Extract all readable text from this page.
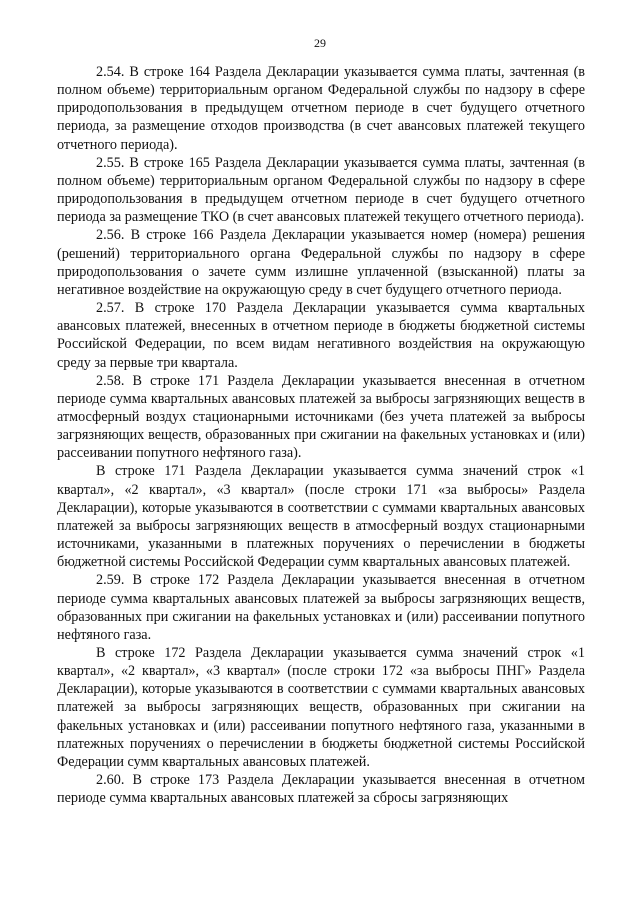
29

2.54. В строке 164 Раздела Декларации указывается сумма платы, зачтенная (в полном объеме) территориальным органом Федеральной службы по надзору в сфере природопользования в предыдущем отчетном периоде в счет будущего отчетного периода, за размещение отходов производства (в счет авансовых платежей текущего отчетного периода).

2.55. В строке 165 Раздела Декларации указывается сумма платы, зачтенная (в полном объеме) территориальным органом Федеральной службы по надзору в сфере природопользования в предыдущем отчетном периоде в счет будущего отчетного периода за размещение ТКО (в счет авансовых платежей текущего отчетного периода).

2.56. В строке 166 Раздела Декларации указывается номер (номера) решения (решений) территориального органа Федеральной службы по надзору в сфере природопользования о зачете сумм излишне уплаченной (взысканной) платы за негативное воздействие на окружающую среду в счет будущего отчетного периода.

2.57. В строке 170 Раздела Декларации указывается сумма квартальных авансовых платежей, внесенных в отчетном периоде в бюджеты бюджетной системы Российской Федерации, по всем видам негативного воздействия на окружающую среду за первые три квартала.

2.58. В строке 171 Раздела Декларации указывается внесенная в отчетном периоде сумма квартальных авансовых платежей за выбросы загрязняющих веществ в атмосферный воздух стационарными источниками (без учета платежей за выбросы загрязняющих веществ, образованных при сжигании на факельных установках и (или) рассеивании попутного нефтяного газа).

В строке 171 Раздела Декларации указывается сумма значений строк «1 квартал», «2 квартал», «3 квартал» (после строки 171 «за выбросы» Раздела Декларации), которые указываются в соответствии с суммами квартальных авансовых платежей за выбросы загрязняющих веществ в атмосферный воздух стационарными источниками, указанными в платежных поручениях о перечислении в бюджеты бюджетной системы Российской Федерации сумм квартальных авансовых платежей.

2.59. В строке 172 Раздела Декларации указывается внесенная в отчетном периоде сумма квартальных авансовых платежей за выбросы загрязняющих веществ, образованных при сжигании на факельных установках и (или) рассеивании попутного нефтяного газа.

В строке 172 Раздела Декларации указывается сумма значений строк «1 квартал», «2 квартал», «3 квартал» (после строки 172 «за выбросы ПНГ» Раздела Декларации), которые указываются в соответствии с суммами квартальных авансовых платежей за выбросы загрязняющих веществ, образованных при сжигании на факельных установках и (или) рассеивании попутного нефтяного газа, указанными в платежных поручениях о перечислении в бюджеты бюджетной системы Российской Федерации сумм квартальных авансовых платежей.

2.60. В строке 173 Раздела Декларации указывается внесенная в отчетном периоде сумма квартальных авансовых платежей за сбросы загрязняющих
